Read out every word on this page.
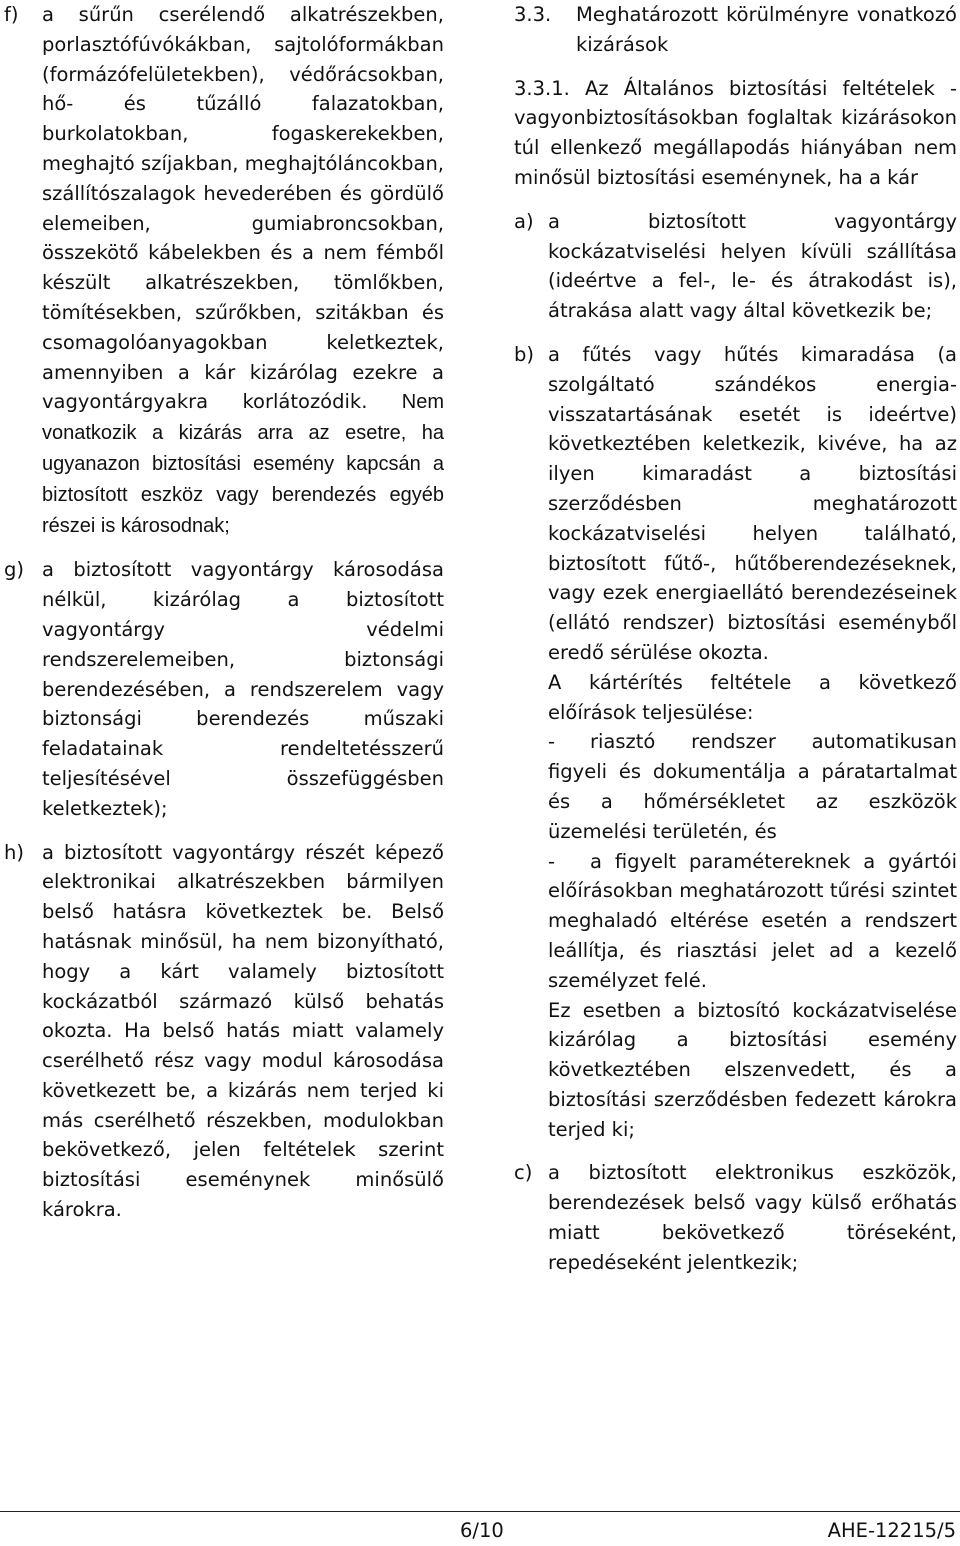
f) a sűrűn cserélendő alkatrészekben, porlasztófúvókákban, sajtolóformákban (formázófelületekben), védőrácsokban, hő- és tűzálló falazatokban, burkolatokban, fogaskerekekben, meghajtó szíjakban, meghajtóláncokban, szállítószalagok hevederében és gördülő elemeiben, gumiabroncsokban, összekötő kábelekben és a nem fémből készült alkatrészekben, tömlőkben, tömítésekben, szűrőkben, szitákban és csomagolóanyagokban keletkeztek, amennyiben a kár kizárólag ezekre a vagyontárgyakra korlátozódik. Nem vonatkozik a kizárás arra az esetre, ha ugyanazon biztosítási esemény kapcsán a biztosított eszköz vagy berendezés egyéb részei is károsodnak;

g) a biztosított vagyontárgy károsodása nélkül, kizárólag a biztosított vagyontárgy védelmi rendszerelemeiben, biztonsági berendezésében, a rendszerelem vagy biztonsági berendezés műszaki feladatainak rendeltetésszerű teljesítésével összefüggésben keletkeztek);

h) a biztosított vagyontárgy részét képező elektronikai alkatrészekben bármilyen belső hatásra következtek be. Belső hatásnak minősül, ha nem bizonyítható, hogy a kárt valamely biztosított kockázatból származó külső behatás okozta. Ha belső hatás miatt valamely cserélhető rész vagy modul károsodása következett be, a kizárás nem terjed ki más cserélhető részekben, modulokban bekövetkező, jelen feltételek szerint biztosítási eseménynek minősülő károkra.

3.3. Meghatározott körülményre vonatkozó kizárások

3.3.1. Az Általános biztosítási feltételek - vagyonbiztosításokban foglaltak kizárásokon túl ellenkező megállapodás hiányában nem minősül biztosítási eseménynek, ha a kár

a) a biztosított vagyontárgy kockázatviselési helyen kívüli szállítása (ideértve a fel-, le- és átrakodást is), átrakása alatt vagy által következik be;

b) a fűtés vagy hűtés kimaradása (a szolgáltató szándékos energia-visszatartásának esetét is ideértve) következtében keletkezik, kivéve, ha az ilyen kimaradást a biztosítási szerződésben meghatározott kockázatviselési helyen található, biztosított fűtő-, hűtőberendezéseknek, vagy ezek energiaellátó berendezéseinek (ellátó rendszer) biztosítási eseményből eredő sérülése okozta.

A kártérítés feltétele a következő előírások teljesülése:

-	riasztó rendszer automatikusan figyeli és dokumentálja a páratartalmat és a hőmérsékletet az eszközök üzemelési területén, és

-	a figyelt paramétereknek a gyártói előírásokban meghatározott tűrési szintet meghaladó eltérése esetén a rendszert leállítja, és riasztási jelet ad a kezelő személyzet felé.

Ez esetben a biztosító kockázatviselése kizárólag a biztosítási esemény következtében elszenvedett, és a biztosítási szerződésben fedezett károkra terjed ki;

c) a biztosított elektronikus eszközök, berendezések belső vagy külső erőhatás miatt bekövetkező töréseként, repedéseként jelentkezik;

6/10	AHE-12215/5
